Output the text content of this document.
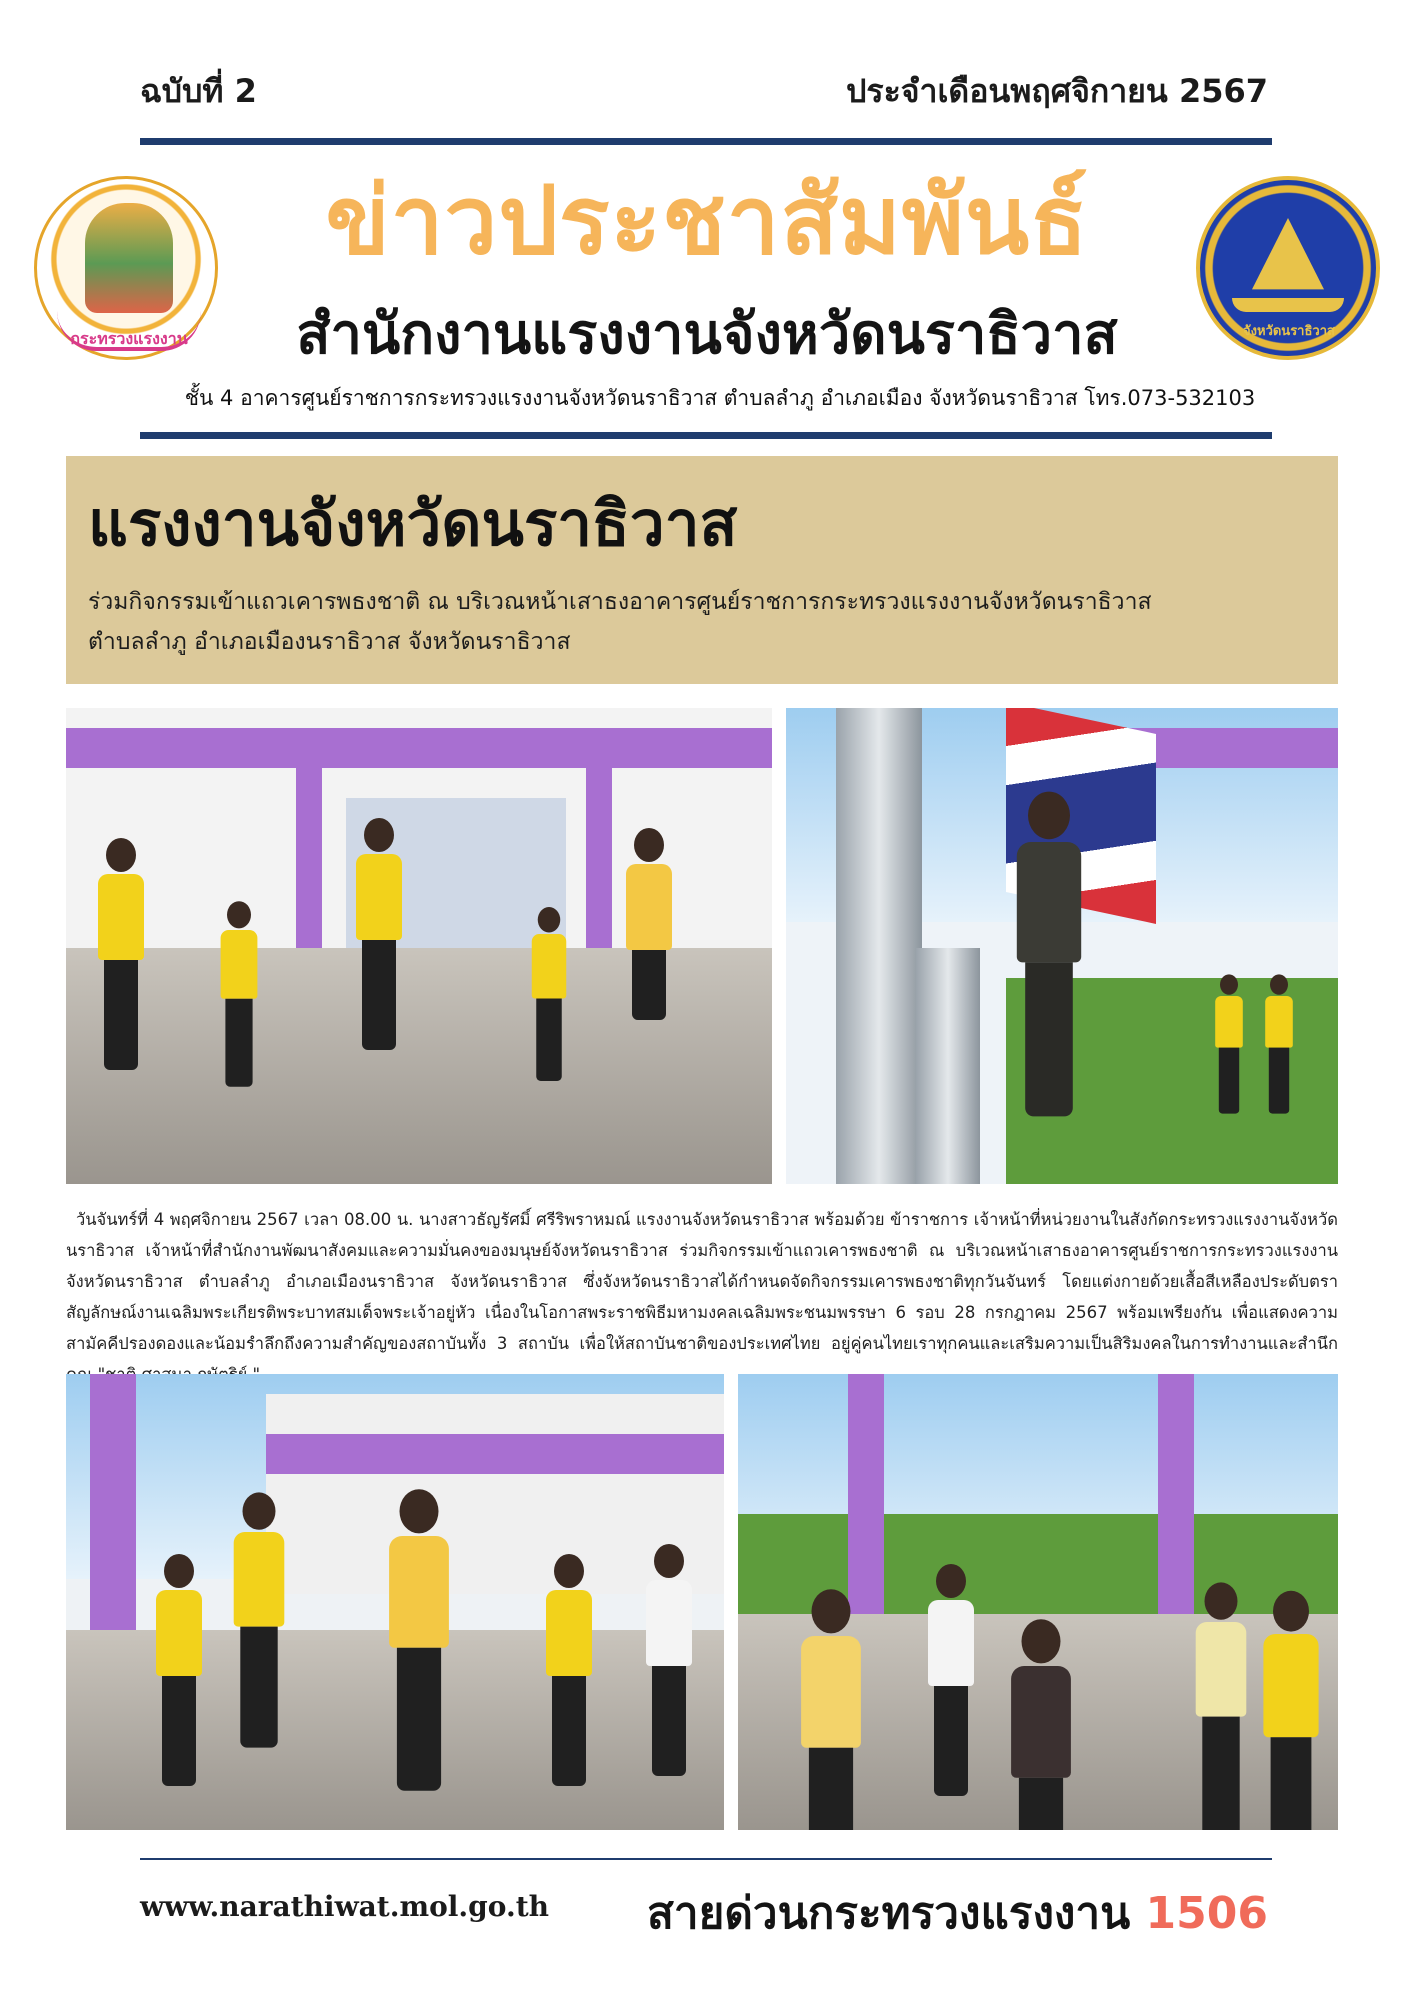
ฉบับที่ 2	ประจำเดือนพฤศจิกายน 2567
กระทรวงแรงงาน
ข่าวประชาสัมพันธ์
สำนักงานแรงงานจังหวัดนราธิวาส	จังหวัดนราธิวาส
ชั้น 4 อาคารศูนย์ราชการกระทรวงแรงงานจังหวัดนราธิวาส ตำบลลำภู อำเภอเมือง จังหวัดนราธิวาส โทร.073-532103
แรงงานจังหวัดนราธิวาส
ร่วมกิจกรรมเข้าแถวเคารพธงชาติ ณ บริเวณหน้าเสาธงอาคารศูนย์ราชการกระทรวงแรงงานจังหวัดนราธิวาส
ตำบลลำภู อำเภอเมืองนราธิวาส จังหวัดนราธิวาส

วันจันทร์ที่ 4 พฤศจิกายน 2567 เวลา 08.00 น. นางสาวธัญรัศมิ์ ศรีริพราหมณ์ แรงงานจังหวัดนราธิวาส พร้อมด้วย ข้าราชการ เจ้าหน้าที่หน่วยงานในสังกัดกระทรวงแรงงานจังหวัดนราธิวาส เจ้าหน้าที่สำนักงานพัฒนาสังคมและความมั่นคงของมนุษย์จังหวัดนราธิวาส ร่วมกิจกรรมเข้าแถวเคารพธงชาติ ณ บริเวณหน้าเสาธงอาคารศูนย์ราชการกระทรวงแรงงานจังหวัดนราธิวาส ตำบลลำภู อำเภอเมืองนราธิวาส จังหวัดนราธิวาส ซึ่งจังหวัดนราธิวาสได้กำหนดจัดกิจกรรมเคารพธงชาติทุกวันจันทร์ โดยแต่งกายด้วยเสื้อสีเหลืองประดับตราสัญลักษณ์งานเฉลิมพระเกียรติพระบาทสมเด็จพระเจ้าอยู่หัว เนื่องในโอกาสพระราชพิธีมหามงคลเฉลิมพระชนมพรรษา 6 รอบ 28 กรกฎาคม 2567 พร้อมเพรียงกัน เพื่อแสดงความสามัคคีปรองดองและน้อมรำลึกถึงความสำคัญของสถาบันทั้ง 3 สถาบัน เพื่อให้สถาบันชาติของประเทศไทย อยู่คู่คนไทยเราทุกคนและเสริมความเป็นสิริมงคลในการทำงานและสำนึก

www.narathiwat.mol.go.th สายด่วนกระทรวงแรงงาน 1506
